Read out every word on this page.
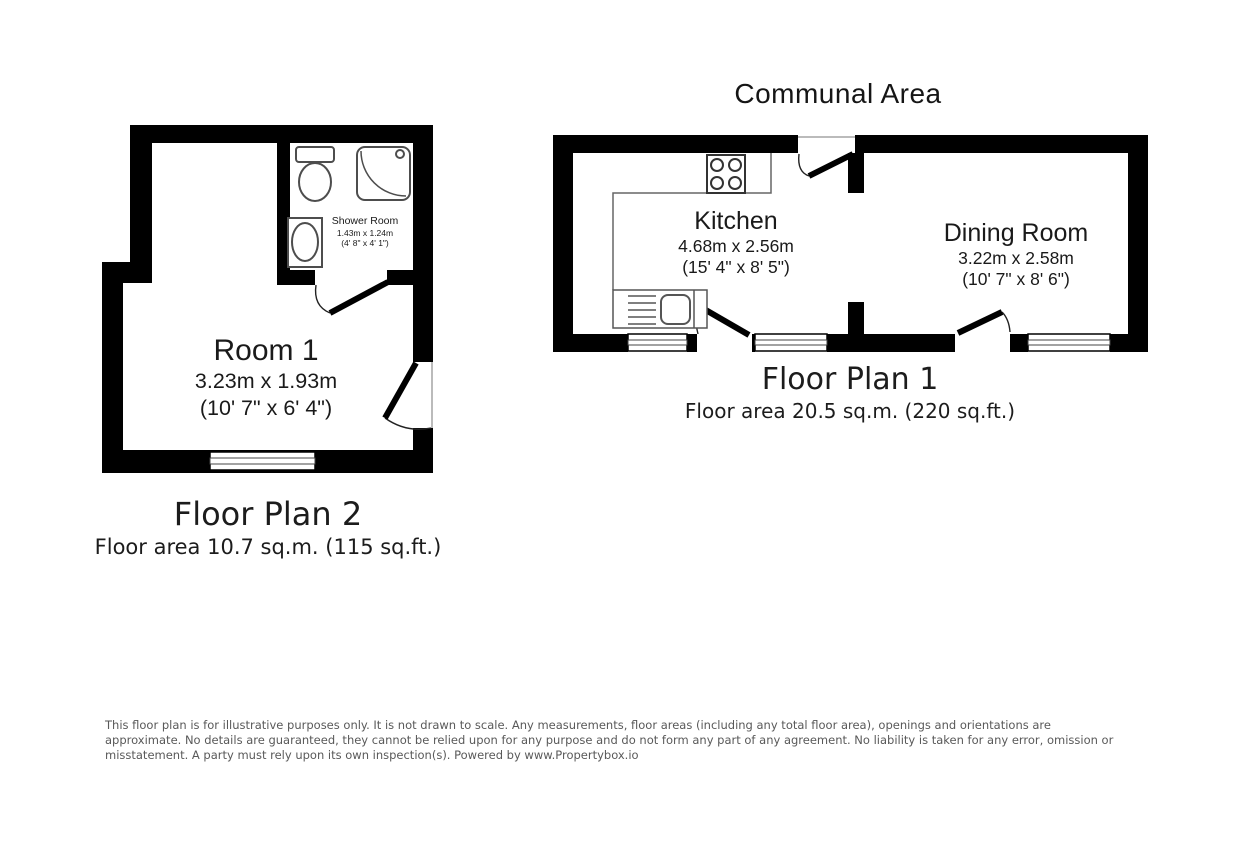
Communal Area
Shower Room
1.43m x 1.24m
(4' 8" x 4' 1")
Room 1
3.23m x 1.93m
(10' 7" x 6' 4")
Floor Plan 2
Floor area 10.7 sq.m. (115 sq.ft.)
Kitchen
4.68m x 2.56m
(15' 4" x 8' 5")
Dining Room
3.22m x 2.58m
(10' 7" x 8' 6")
Floor Plan 1
Floor area 20.5 sq.m. (220 sq.ft.)
This floor plan is for illustrative purposes only. It is not drawn to scale. Any measurements, floor areas (including any total floor area), openings and orientations are
approximate. No details are guaranteed, they cannot be relied upon for any purpose and do not form any part of any agreement. No liability is taken for any error, omission or
misstatement. A party must rely upon its own inspection(s). Powered by www.Propertybox.io
